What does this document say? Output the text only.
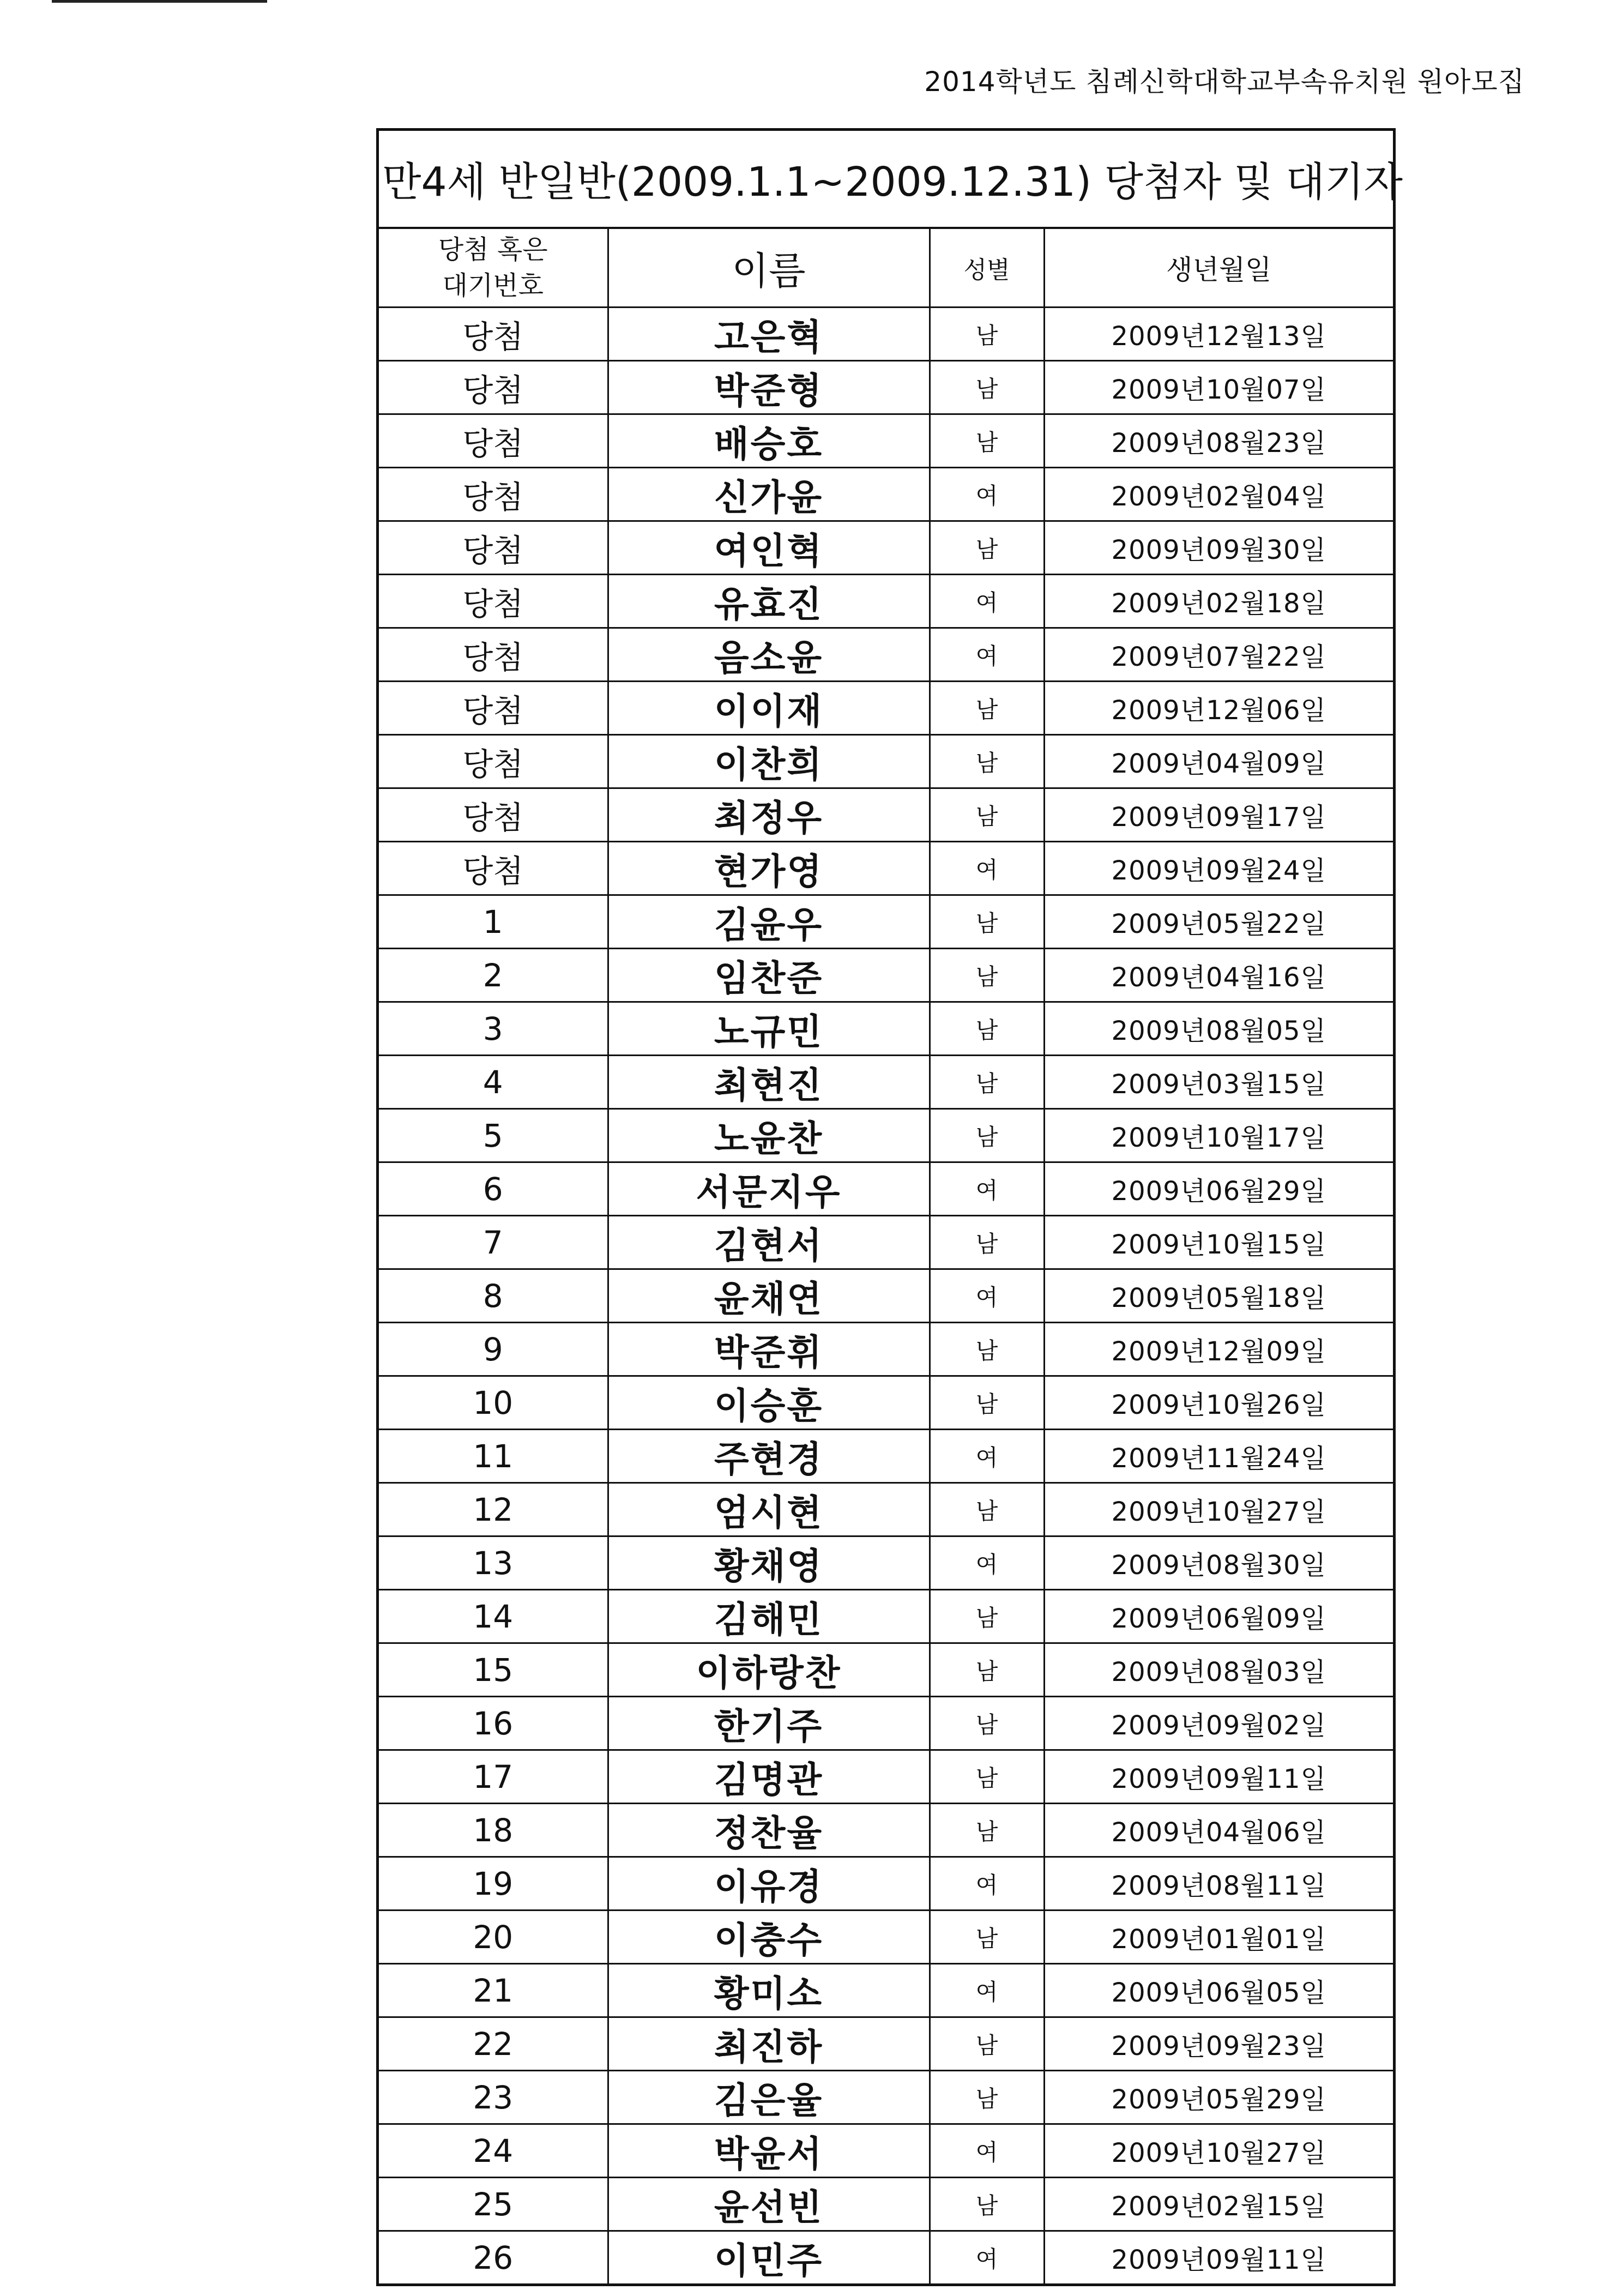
2014학년도 침례신학대학교부속유치원 원아모집
만4세 반일반(2009.1.1~2009.12.31) 당첨자 및 대기자
당첨 혹은
대기번호	이름	성별	생년월일
당첨	고은혁	남	2009년12월13일
당첨	박준형	남	2009년10월07일
당첨	배승호	남	2009년08월23일
당첨	신가윤	여	2009년02월04일
당첨	여인혁	남	2009년09월30일
당첨	유효진	여	2009년02월18일
당첨	음소윤	여	2009년07월22일
당첨	이이재	남	2009년12월06일
당첨	이찬희	남	2009년04월09일
당첨	최정우	남	2009년09월17일
당첨	현가영	여	2009년09월24일
1	김윤우	남	2009년05월22일
2	임찬준	남	2009년04월16일
3	노규민	남	2009년08월05일
4	최현진	남	2009년03월15일
5	노윤찬	남	2009년10월17일
6	서문지우	여	2009년06월29일
7	김현서	남	2009년10월15일
8	윤채연	여	2009년05월18일
9	박준휘	남	2009년12월09일
10	이승훈	남	2009년10월26일
11	주현경	여	2009년11월24일
12	엄시현	남	2009년10월27일
13	황채영	여	2009년08월30일
14	김해민	남	2009년06월09일
15	이하랑찬	남	2009년08월03일
16	한기주	남	2009년09월02일
17	김명관	남	2009년09월11일
18	정찬율	남	2009년04월06일
19	이유경	여	2009년08월11일
20	이충수	남	2009년01월01일
21	황미소	여	2009년06월05일
22	최진하	남	2009년09월23일
23	김은율	남	2009년05월29일
24	박윤서	여	2009년10월27일
25	윤선빈	남	2009년02월15일
26	이민주	여	2009년09월11일
